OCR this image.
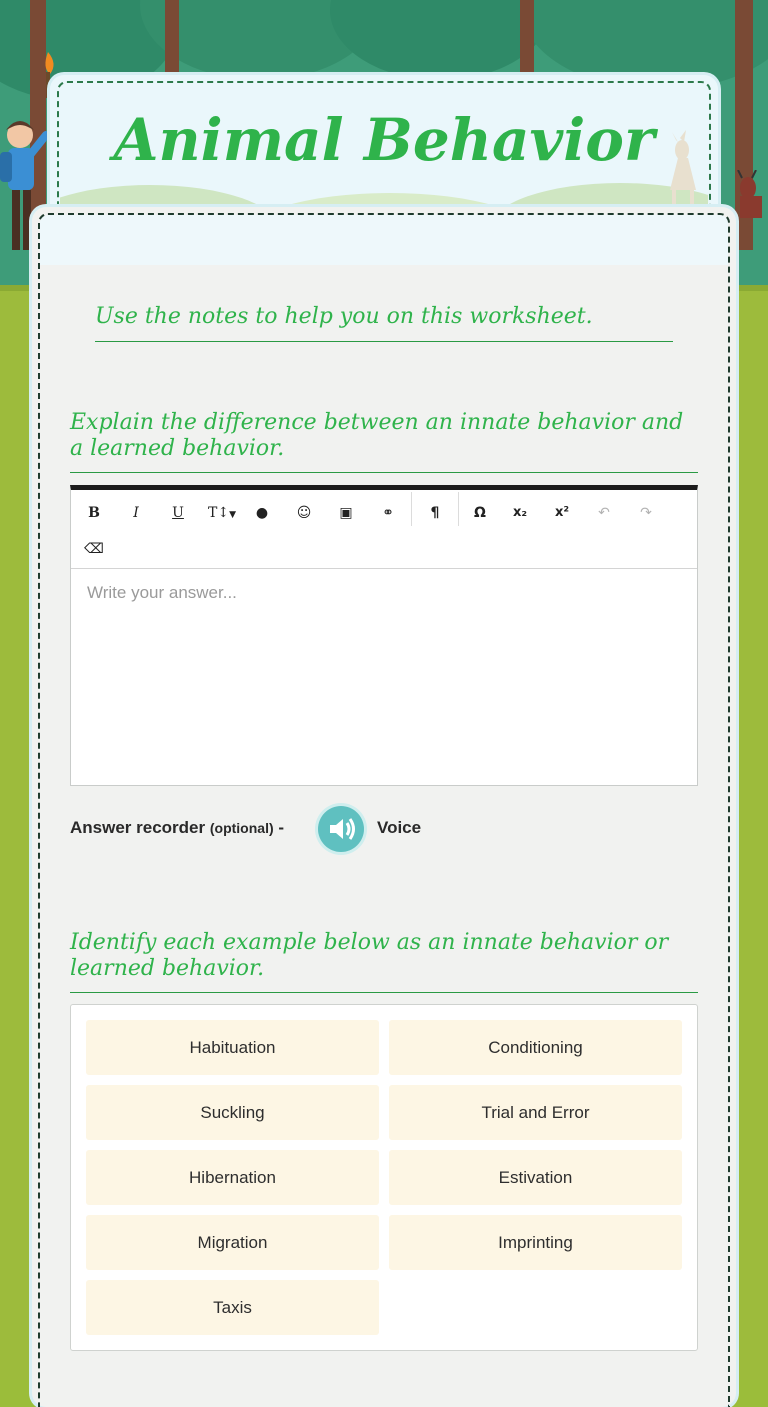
Animal Behavior
Use the notes to help you on this worksheet.
Explain the difference between an innate behavior and a learned behavior.
B	I	U	T↕▼	●	☺	▣	⚭	¶	Ω	x₂	x²	↶	↷
⌫
Write your answer...
Answer recorder (optional) -	Voice
Identify each example below as an innate behavior or learned behavior.
Habituation	Conditioning
Suckling	Trial and Error
Hibernation	Estivation
Migration	Imprinting
Taxis
